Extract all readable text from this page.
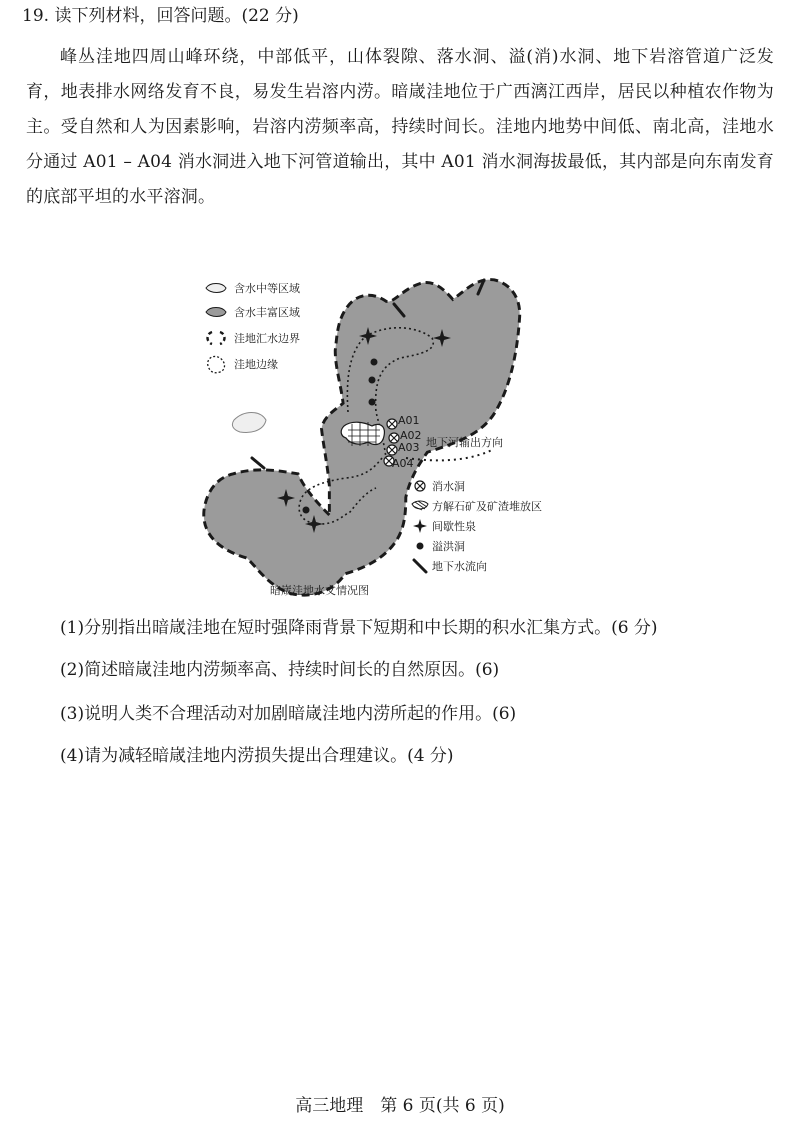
19. 读下列材料，回答问题。(22 分)

峰丛洼地四周山峰环绕，中部低平，山体裂隙、落水洞、溢(消)水洞、地下岩溶管道广泛发育，地表排水网络发育不良，易发生岩溶内涝。暗嵅洼地位于广西漓江西岸，居民以种植农作物为主。受自然和人为因素影响，岩溶内涝频率高，持续时间长。洼地内地势中间低、南北高，洼地水分通过 A01 – A04 消水洞进入地下河管道输出，其中 A01 消水洞海拔最低，其内部是向东南发育的底部平坦的水平溶洞。

地下河输出方向
A01
A02
A03
A04
含水中等区域
含水丰富区域
洼地汇水边界
洼地边缘
消水洞
方解石矿及矿渣堆放区
间歇性泉
溢洪洞
地下水流向
暗嵅洼地水文情况图
(1)分别指出暗嵅洼地在短时强降雨背景下短期和中长期的积水汇集方式。(6 分)
(2)简述暗嵅洼地内涝频率高、持续时间长的自然原因。(6)
(3)说明人类不合理活动对加剧暗嵅洼地内涝所起的作用。(6)
(4)请为减轻暗嵅洼地内涝损失提出合理建议。(4 分)
高三地理　第 6 页(共 6 页)
